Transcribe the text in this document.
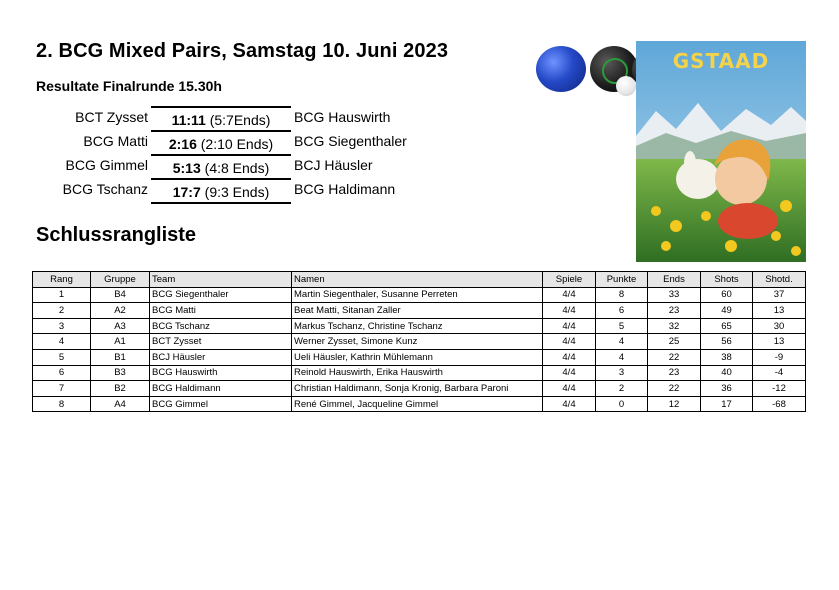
2. BCG Mixed Pairs, Samstag 10. Juni 2023
Resultate Finalrunde 15.30h
BCT Zysset	11:11 (5:7Ends)	BCG Hauswirth
BCG Matti	2:16 (2:10 Ends)	BCG Siegenthaler
BCG Gimmel	5:13 (4:8 Ends)	BCJ Häusler
BCG Tschanz	17:7 (9:3 Ends)	BCG Haldimann
Schlussrangliste
GSTAAD
Rang	Gruppe	Team	Namen	Spiele	Punkte	Ends	Shots	Shotd.
1	B4	BCG Siegenthaler	Martin Siegenthaler, Susanne Perreten	4/4	8	33	60	37
2	A2	BCG Matti	Beat Matti, Sitanan Zaller	4/4	6	23	49	13
3	A3	BCG Tschanz	Markus Tschanz, Christine Tschanz	4/4	5	32	65	30
4	A1	BCT Zysset	Werner Zysset, Simone Kunz	4/4	4	25	56	13
5	B1	BCJ Häusler	Ueli Häusler, Kathrin Mühlemann	4/4	4	22	38	-9
6	B3	BCG Hauswirth	Reinold Hauswirth, Erika Hauswirth	4/4	3	23	40	-4
7	B2	BCG Haldimann	Christian Haldimann, Sonja Kronig, Barbara Paroni	4/4	2	22	36	-12
8	A4	BCG Gimmel	René Gimmel, Jacqueline Gimmel	4/4	0	12	17	-68
